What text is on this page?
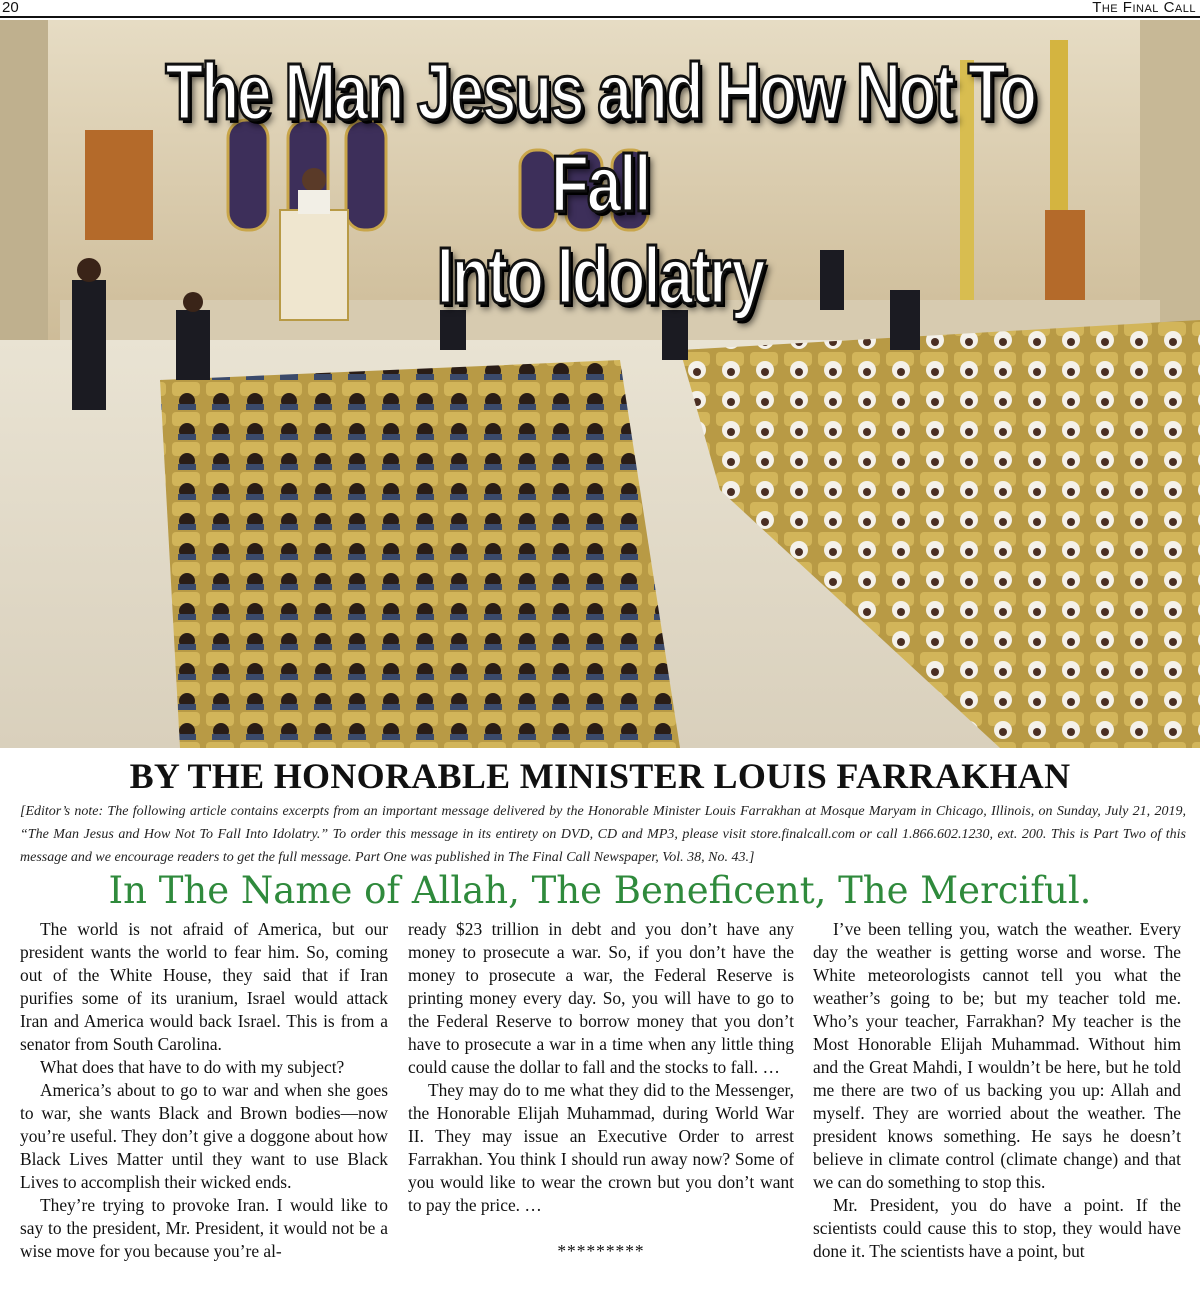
20	The Final Call
The Man Jesus and How Not To Fall
Into Idolatry
BY THE HONORABLE MINISTER LOUIS FARRAKHAN
[Editor’s note: The following article contains excerpts from an important message delivered by the Honorable Minister Louis Farrakhan at Mosque Maryam in Chicago, Illinois, on Sunday, July 21, 2019, “The Man Jesus and How Not To Fall Into Idolatry.” To order this message in its entirety on DVD, CD and MP3, please visit store.finalcall.com or call 1.866.602.1230, ext. 200. This is Part Two of this message and we encourage readers to get the full message. Part One was published in The Final Call Newspaper, Vol. 38, No. 43.]
In The Name of Allah, The Beneficent, The Merciful.

The world is not afraid of America, but our president wants the world to fear him. So, coming out of the White House, they said that if Iran purifies some of its uranium, Israel would attack Iran and America would back Israel. This is from a senator from South Carolina.

What does that have to do with my subject?

America’s about to go to war and when she goes to war, she wants Black and Brown bodies—now you’re useful. They don’t give a doggone about how Black Lives Matter until they want to use Black Lives to accomplish their wicked ends.

They’re trying to provoke Iran. I would like to say to the president, Mr. President, it would not be a wise move for you because you’re al-

ready $23 trillion in debt and you don’t have any money to prosecute a war. So, if you don’t have the money to prosecute a war, the Federal Reserve is printing money every day. So, you will have to go to the Federal Reserve to borrow money that you don’t have to prosecute a war in a time when any little thing could cause the dollar to fall and the stocks to fall. …

They may do to me what they did to the Messenger, the Honorable Elijah Muhammad, during World War II. They may issue an Executive Order to arrest Farrakhan. You think I should run away now? Some of you would like to wear the crown but you don’t want to pay the price. …

*********

I’ve been telling you, watch the weather. Every day the weather is getting worse and worse. The White meteorologists cannot tell you what the weather’s going to be; but my teacher told me. Who’s your teacher, Farrakhan? My teacher is the Most Honorable Elijah Muhammad. Without him and the Great Mahdi, I wouldn’t be here, but he told me there are two of us backing you up: Allah and myself. They are worried about the weather. The president knows something. He says he doesn’t believe in climate control (climate change) and that we can do something to stop this.

Mr. President, you do have a point. If the scientists could cause this to stop, they would have done it. The scientists have a point, but
